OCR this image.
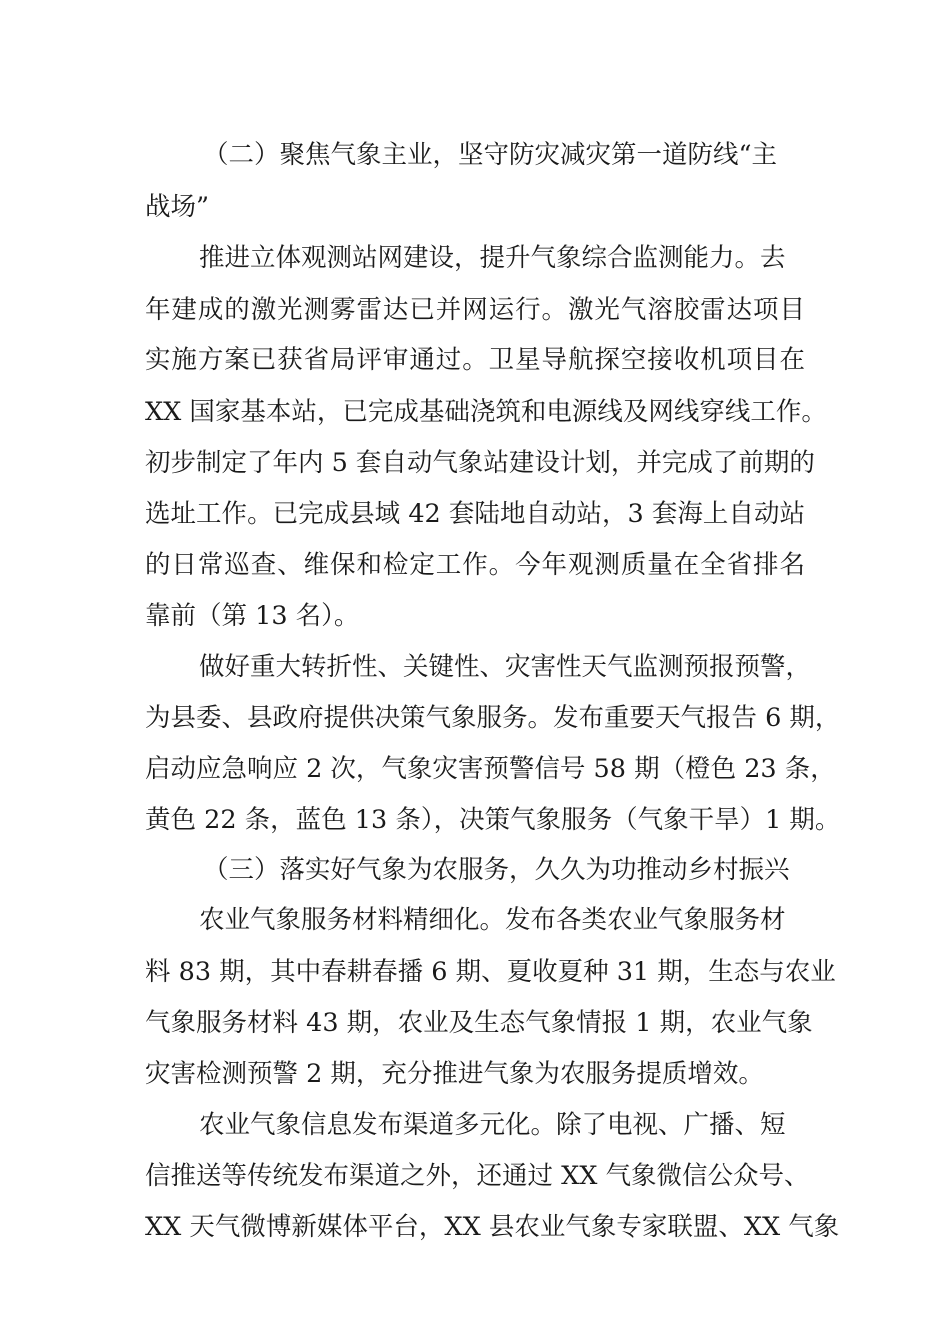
（二）聚焦气象主业，坚守防灾减灾第一道防线“主
战场”
推进立体观测站网建设，提升气象综合监测能力。去
年建成的激光测雾雷达已并网运行。激光气溶胶雷达项目
实施方案已获省局评审通过。卫星导航探空接收机项目在
XX 国家基本站，已完成基础浇筑和电源线及网线穿线工作。
初步制定了年内 5 套自动气象站建设计划，并完成了前期的
选址工作。已完成县域 42 套陆地自动站，3 套海上自动站
的日常巡查、维保和检定工作。今年观测质量在全省排名
靠前（第 13 名）。
做好重大转折性、关键性、灾害性天气监测预报预警，
为县委、县政府提供决策气象服务。发布重要天气报告 6 期，
启动应急响应 2 次，气象灾害预警信号 58 期（橙色 23 条，
黄色 22 条，蓝色 13 条），决策气象服务（气象干旱）1 期。
（三）落实好气象为农服务，久久为功推动乡村振兴
农业气象服务材料精细化。发布各类农业气象服务材
料 83 期，其中春耕春播 6 期、夏收夏种 31 期，生态与农业
气象服务材料 43 期，农业及生态气象情报 1 期，农业气象
灾害检测预警 2 期，充分推进气象为农服务提质增效。
农业气象信息发布渠道多元化。除了电视、广播、短
信推送等传统发布渠道之外，还通过 XX 气象微信公众号、
XX 天气微博新媒体平台，XX 县农业气象专家联盟、XX 气象
